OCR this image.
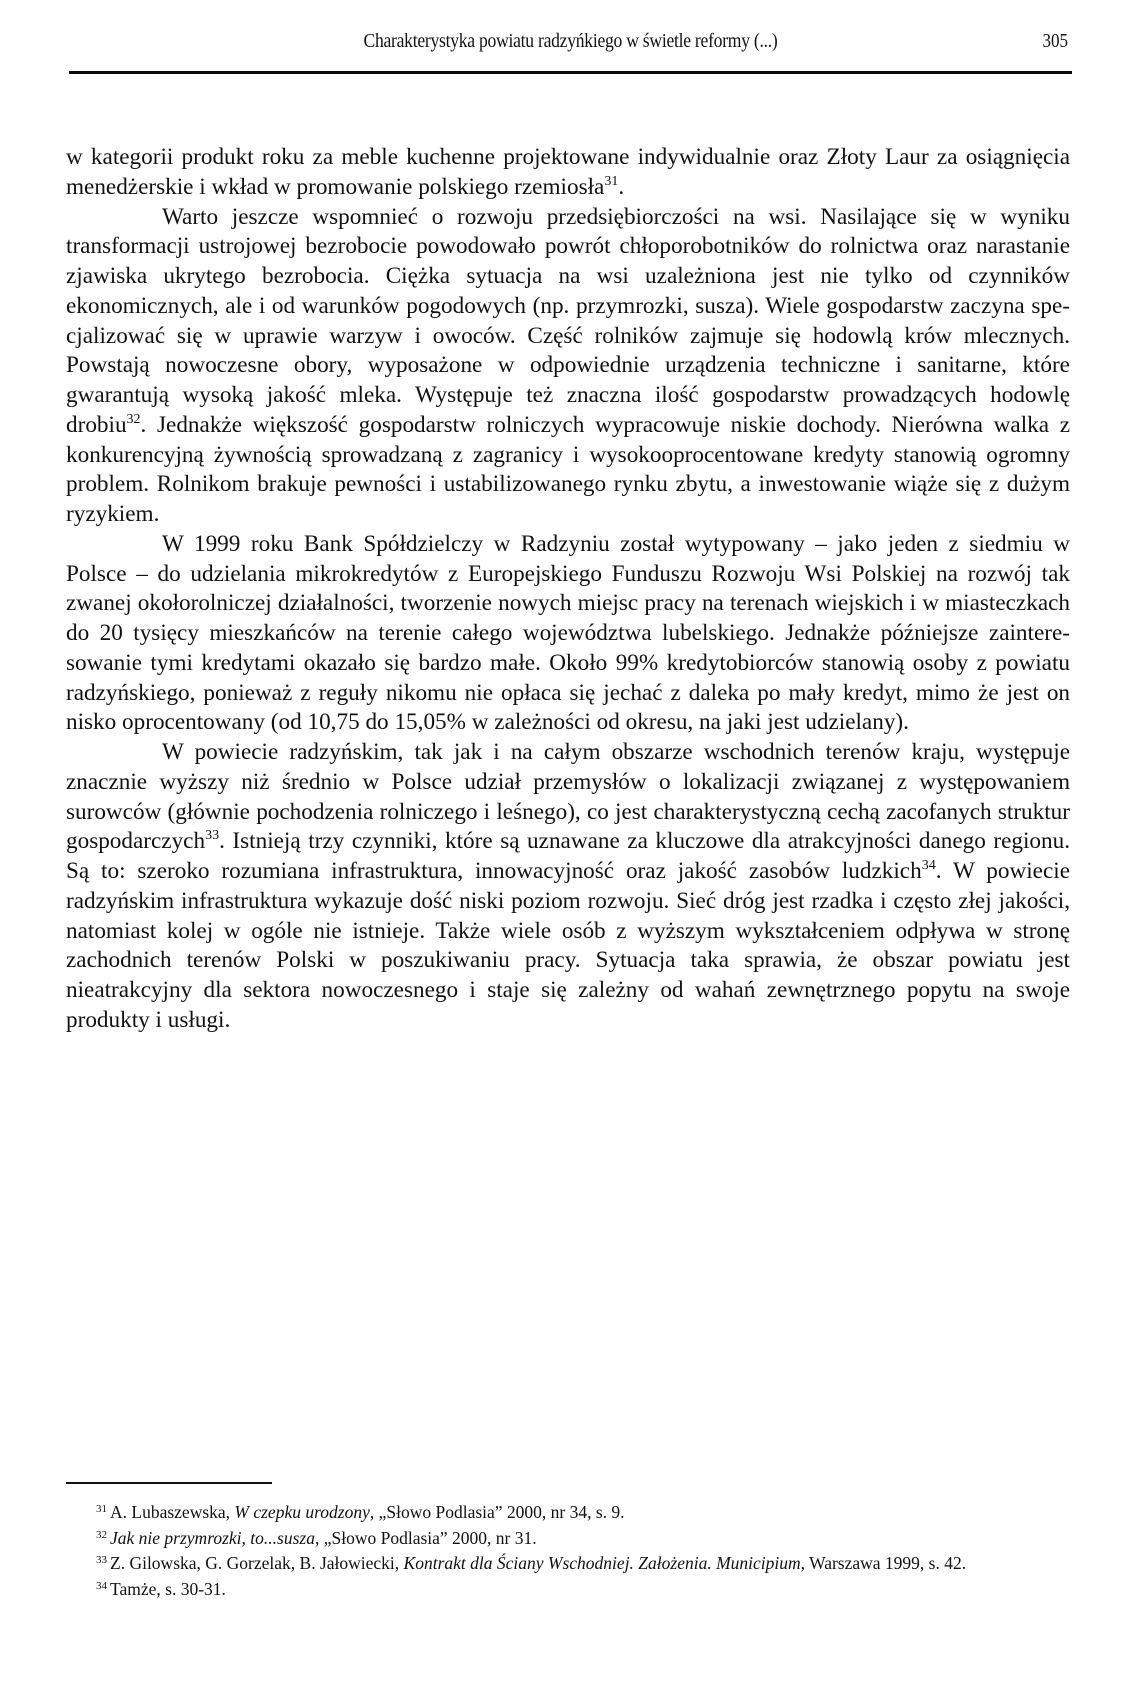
Charakterystyka powiatu radzyńkiego w świetle reformy (...)	305

w kategorii produkt roku za meble kuchenne projektowane indywidualnie oraz Złoty Laur za osiągnięcia menedżerskie i wkład w promowanie polskiego rzemiosła$^{31}$.

Warto jeszcze wspomnieć o rozwoju przedsiębiorczości na wsi. Nasilające się w wyniku transformacji ustrojowej bezrobocie powodowało powrót chłoporobotników do rolnictwa oraz narastanie zjawiska ukrytego bezrobocia. Ciężka sytuacja na wsi uzależniona jest nie tylko od czynników ekonomicznych, ale i od warunków pogodowych (np. przymrozki, susza). Wiele gospodarstw zaczyna specjalizować się w uprawie warzyw i owoców. Część rolników zajmuje się hodowlą krów mlecznych. Powstają nowoczesne obory, wyposażone w odpowiednie urządzenia techniczne i sanitarne, które gwarantują wysoką jakość mleka. Występuje też znaczna ilość gospodarstw prowadzących hodowlę drobiu$^{32}$. Jednakże większość gospodarstw rolniczych wypracowuje niskie dochody. Nierówna walka z konkurencyjną żywnością sprowadzaną z zagranicy i wysokooprocentowane kredyty stanowią ogromny problem. Rolnikom brakuje pewności i ustabilizowanego rynku zbytu, a inwestowanie wiąże się z dużym ryzykiem.

W 1999 roku Bank Spółdzielczy w Radzyniu został wytypowany – jako jeden z siedmiu w Polsce – do udzielania mikrokredytów z Europejskiego Funduszu Rozwoju Wsi Polskiej na rozwój tak zwanej okołorolniczej działalności, tworzenie nowych miejsc pracy na terenach wiejskich i w miasteczkach do 20 tysięcy mieszkańców na terenie całego województwa lubelskiego. Jednakże późniejsze zainteresowanie tymi kredytami okazało się bardzo małe. Około 99% kredytobiorców stanowią osoby z powiatu radzyńskiego, ponieważ z reguły nikomu nie opłaca się jechać z daleka po mały kredyt, mimo że jest on nisko oprocentowany (od 10,75 do 15,05% w zależności od okresu, na jaki jest udzielany).

W powiecie radzyńskim, tak jak i na całym obszarze wschodnich terenów kraju, występuje znacznie wyższy niż średnio w Polsce udział przemysłów o lokalizacji związanej z występowaniem surowców (głównie pochodzenia rolniczego i leśnego), co jest charakterystyczną cechą zacofanych struktur gospodarczych$^{33}$. Istnieją trzy czynniki, które są uznawane za kluczowe dla atrakcyjności danego regionu. Są to: szeroko rozumiana infrastruktura, innowacyjność oraz jakość zasobów ludzkich$^{34}$. W powiecie radzyńskim infrastruktura wykazuje dość niski poziom rozwoju. Sieć dróg jest rzadka i często złej jakości, natomiast kolej w ogóle nie istnieje. Także wiele osób z wyższym wykształceniem odpływa w stronę zachodnich terenów Polski w poszukiwaniu pracy. Sytuacja taka sprawia, że obszar powiatu jest nieatrakcyjny dla sektora nowoczesnego i staje się zależny od wahań zewnętrznego popytu na swoje produkty i usługi.

$^{31}$ A. Lubaszewska, W czepku urodzony, „Słowo Podlasia” 2000, nr 34, s. 9.

$^{32}$ Jak nie przymrozki, to...susza, „Słowo Podlasia” 2000, nr 31.

$^{33}$ Z. Gilowska, G. Gorzelak, B. Jałowiecki, Kontrakt dla Ściany Wschodniej. Założenia. Municipium, Warszawa 1999, s. 42.

$^{34}$ Tamże, s. 30-31.
